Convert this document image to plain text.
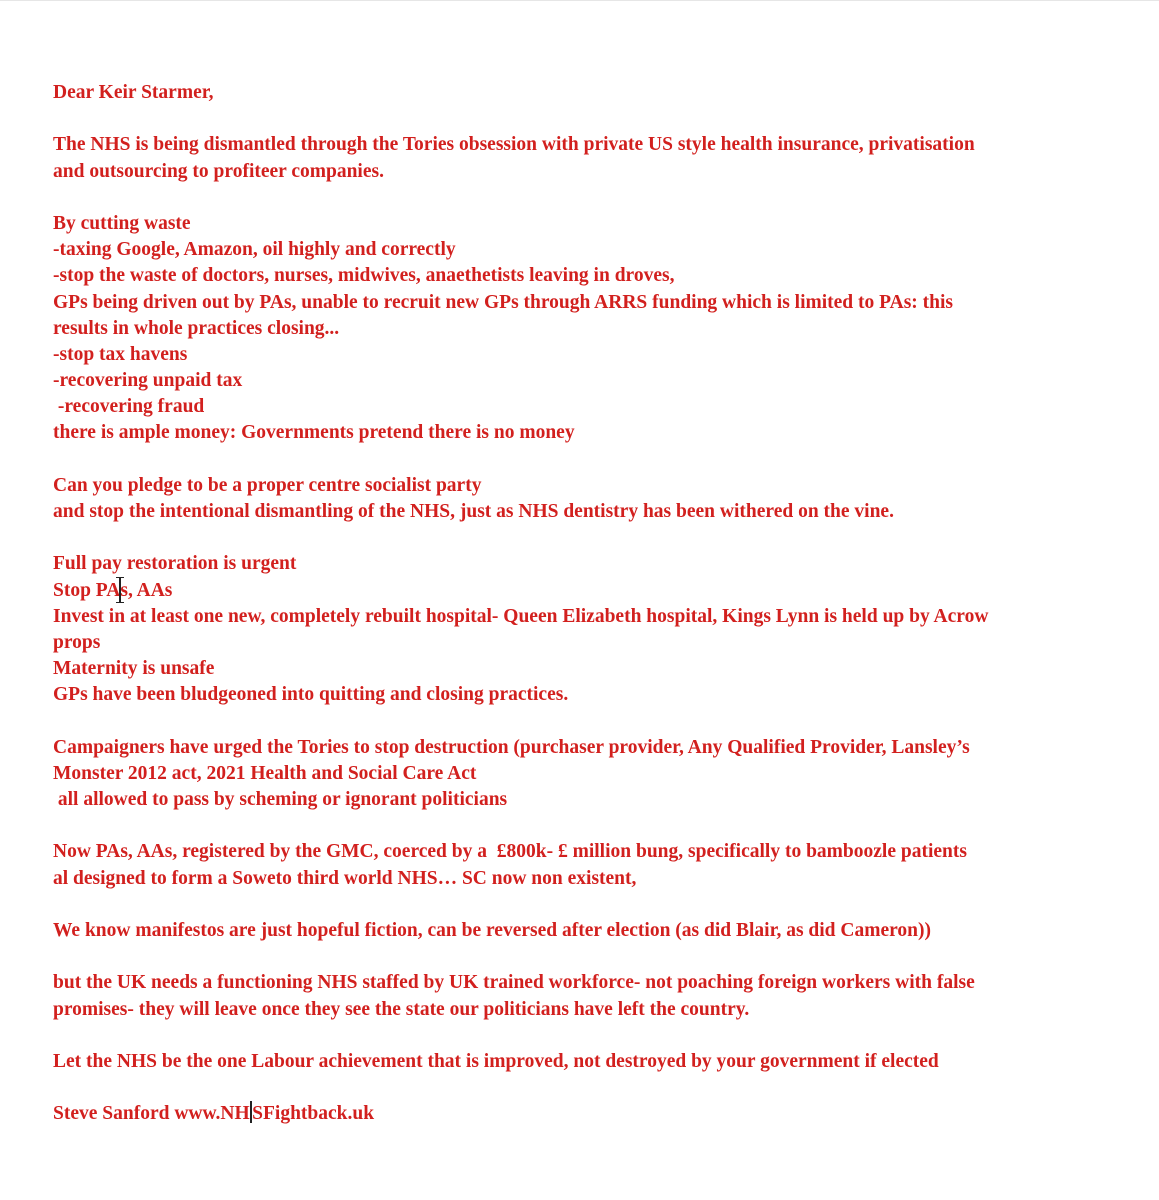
Dear Keir Starmer,
The NHS is being dismantled through the Tories obsession with private US style health insurance, privatisation
and outsourcing to profiteer companies.
By cutting waste
-taxing Google, Amazon, oil highly and correctly
-stop the waste of doctors, nurses, midwives, anaethetists leaving in droves,
GPs being driven out by PAs, unable to recruit new GPs through ARRS funding which is limited to PAs: this
results in whole practices closing...
-stop tax havens
-recovering unpaid tax
-recovering fraud
there is ample money: Governments pretend there is no money
Can you pledge to be a proper centre socialist party
and stop the intentional dismantling of the NHS, just as NHS dentistry has been withered on the vine.
Full pay restoration is urgent
Stop PAs, AAs
Invest in at least one new, completely rebuilt hospital- Queen Elizabeth hospital, Kings Lynn is held up by Acrow
props
Maternity is unsafe
GPs have been bludgeoned into quitting and closing practices.
Campaigners have urged the Tories to stop destruction (purchaser provider, Any Qualified Provider, Lansley’s
Monster 2012 act, 2021 Health and Social Care Act
all allowed to pass by scheming or ignorant politicians
Now PAs, AAs, registered by the GMC, coerced by a  £800k- £ million bung, specifically to bamboozle patients
al designed to form a Soweto third world NHS… SC now non existent,
We know manifestos are just hopeful fiction, can be reversed after election (as did Blair, as did Cameron))
but the UK needs a functioning NHS staffed by UK trained workforce- not poaching foreign workers with false
promises- they will leave once they see the state our politicians have left the country.
Let the NHS be the one Labour achievement that is improved, not destroyed by your government if elected
Steve Sanford www.NH SFightback.uk
